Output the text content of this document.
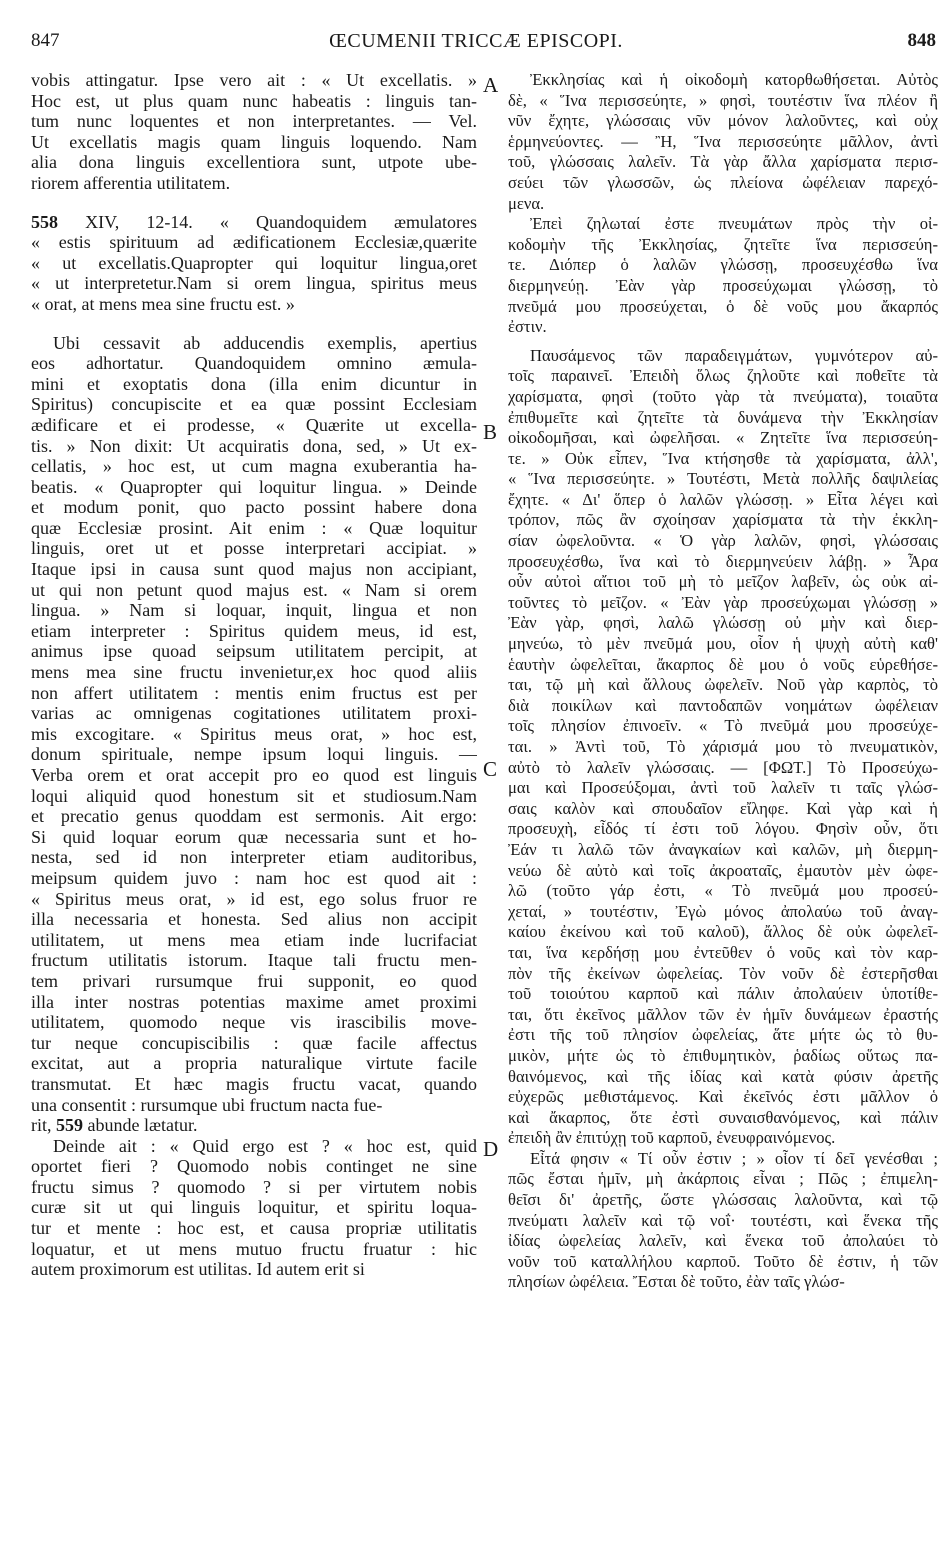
847	ŒCUMENII TRICCÆ EPISCOPI.	848
A
B
C
D
vobis attingatur. Ipse vero ait : « Ut excellatis. »
Hoc est, ut plus quam nunc habeatis : linguis tan-
tum nunc loquentes et non interpretantes. — Vel.
Ut excellatis magis quam linguis loquendo. Nam
alia dona linguis excellentiora sunt, utpote ube-
riorem afferentia utilitatem.
558 XIV, 12-14. « Quandoquidem æmulatores
« estis spirituum ad ædificationem Ecclesiæ,quærite
« ut excellatis.Quapropter qui loquitur lingua,oret
« ut interpretetur.Nam si orem lingua, spiritus meus
« orat, at mens mea sine fructu est. »
Ubi cessavit ab adducendis exemplis, apertius
eos adhortatur. Quandoquidem omnino æmula-
mini et exoptatis dona (illa enim dicuntur in
Spiritus) concupiscite et ea quæ possint Ecclesiam
ædificare et ei prodesse, « Quærite ut excella-
tis. » Non dixit: Ut acquiratis dona, sed, » Ut ex-
cellatis, » hoc est, ut cum magna exuberantia ha-
beatis. « Quapropter qui loquitur lingua. » Deinde
et modum ponit, quo pacto possint habere dona
quæ Ecclesiæ prosint. Ait enim : « Quæ loquitur
linguis, oret ut et posse interpretari accipiat. »
Itaque ipsi in causa sunt quod majus non accipiant,
ut qui non petunt quod majus est. « Nam si orem
lingua. » Nam si loquar, inquit, lingua et non
etiam interpreter : Spiritus quidem meus, id est,
animus ipse quoad seipsum utilitatem percipit, at
mens mea sine fructu invenietur,ex hoc quod aliis
non affert utilitatem : mentis enim fructus est per
varias ac omnigenas cogitationes utilitatem proxi-
mis excogitare. « Spiritus meus orat, » hoc est,
donum spirituale, nempe ipsum loqui linguis. —
Verba orem et orat accepit pro eo quod est linguis
loqui aliquid quod honestum sit et studiosum.Nam
et precatio genus quoddam est sermonis. Ait ergo:
Si quid loquar eorum quæ necessaria sunt et ho-
nesta, sed id non interpreter etiam auditoribus,
meipsum quidem juvo : nam hoc est quod ait :
« Spiritus meus orat, » id est, ego solus fruor re
illa necessaria et honesta. Sed alius non accipit
utilitatem, ut mens mea etiam inde lucrifaciat
fructum utilitatis istorum. Itaque tali fructu men-
tem privari rursumque frui supponit, eo quod
illa inter nostras potentias maxime amet proximi
utilitatem, quomodo neque vis irascibilis move-
tur neque concupiscibilis : quæ facile affectus
excitat, aut a propria naturalique virtute facile
transmutat. Et hæc magis fructu vacat, quando
una consentit : rursumque ubi fructum nacta fue-
rit, 559 abunde lætatur.
Deinde ait : « Quid ergo est ? « hoc est, quid
oportet fieri ? Quomodo nobis continget ne sine
fructu simus ? quomodo ? si per virtutem nobis
curæ sit ut qui linguis loquitur, et spiritu loqua-
tur et mente : hoc est, et causa propriæ utilitatis
loquatur, et ut mens mutuo fructu fruatur : hic
autem proximorum est utilitas. Id autem erit si
Ἐκκλησίας καὶ ἡ οἰκοδομὴ κατορθωθήσεται. Αὐτὸς
δὲ, « Ἵνα περισσεύητε, » φησὶ, τουτέστιν ἵνα πλέον ἢ
νῦν ἔχητε, γλώσσαις νῦν μόνον λαλοῦντες, καὶ οὐχ
ἑρμηνεύοντες. — Ἢ, Ἵνα περισσεύητε μᾶλλον, ἀντὶ
τοῦ, γλώσσαις λαλεῖν. Τὰ γὰρ ἄλλα χαρίσματα περισ-
σεύει τῶν γλωσσῶν, ὡς πλείονα ὠφέλειαν παρεχό-
μενα.
Ἐπεὶ ζηλωταί ἐστε πνευμάτων πρὸς τὴν οἰ-
κοδομὴν τῆς Ἐκκλησίας, ζητεῖτε ἵνα περισσεύη-
τε. Διόπερ ὁ λαλῶν γλώσσῃ, προσευχέσθω ἵνα
διερμηνεύῃ. Ἐὰν γὰρ προσεύχωμαι γλώσσῃ, τὸ
πνεῦμά μου προσεύχεται, ὁ δὲ νοῦς μου ἄκαρπός
ἐστιν.
Παυσάμενος τῶν παραδειγμάτων, γυμνότερον αὐ-
τοῖς παραινεῖ. Ἐπειδὴ ὅλως ζηλοῦτε καὶ ποθεῖτε τὰ
χαρίσματα, φησὶ (τοῦτο γὰρ τὰ πνεύματα), τοιαῦτα
ἐπιθυμεῖτε καὶ ζητεῖτε τὰ δυνάμενα τὴν Ἐκκλησίαν
οἰκοδομῆσαι, καὶ ὠφελῆσαι. « Ζητεῖτε ἵνα περισσεύη-
τε. » Οὐκ εἶπεν, Ἵνα κτήσησθε τὰ χαρίσματα, ἀλλ',
« Ἵνα περισσεύητε. » Τουτέστι, Μετὰ πολλῆς δαψιλείας
ἔχητε. « Δι' ὅπερ ὁ λαλῶν γλώσσῃ. » Εἶτα λέγει καὶ
τρόπον, πῶς ἂν σχοίησαν χαρίσματα τὰ τὴν ἐκκλη-
σίαν ὠφελοῦντα. « Ὁ γὰρ λαλῶν, φησὶ, γλώσσαις
προσευχέσθω, ἵνα καὶ τὸ διερμηνεύειν λάβῃ. » Ἆρα
οὖν αὐτοὶ αἴτιοι τοῦ μὴ τὸ μεῖζον λαβεῖν, ὡς οὐκ αἰ-
τοῦντες τὸ μεῖζον. « Ἐὰν γὰρ προσεύχωμαι γλώσσῃ »
Ἐὰν γὰρ, φησὶ, λαλῶ γλώσσῃ οὐ μὴν καὶ διερ-
μηνεύω, τὸ μὲν πνεῦμά μου, οἷον ἡ ψυχὴ αὐτὴ καθ'
ἑαυτὴν ὠφελεῖται, ἄκαρπος δὲ μου ὁ νοῦς εὑρεθήσε-
ται, τῷ μὴ καὶ ἄλλους ὠφελεῖν. Νοῦ γὰρ καρπὸς, τὸ
διὰ ποικίλων καὶ παντοδαπῶν νοημάτων ὠφέλειαν
τοῖς πλησίον ἐπινοεῖν. « Τὸ πνεῦμά μου προσεύχε-
ται. » Ἀντὶ τοῦ, Τὸ χάρισμά μου τὸ πνευματικὸν,
αὐτὸ τὸ λαλεῖν γλώσσαις. — [ΦΩΤ.] Τὸ Προσεύχω-
μαι καὶ Προσεύξομαι, ἀντὶ τοῦ λαλεῖν τι ταῖς γλώσ-
σαις καλὸν καὶ σπουδαῖον εἴληφε. Καὶ γὰρ καὶ ἡ
προσευχὴ, εἶδός τί ἐστι τοῦ λόγου. Φησὶν οὖν, ὅτι
Ἐάν τι λαλῶ τῶν ἀναγκαίων καὶ καλῶν, μὴ διερμη-
νεύω δὲ αὐτὸ καὶ τοῖς ἀκροαταῖς, ἐμαυτὸν μὲν ὠφε-
λῶ (τοῦτο γάρ ἐστι, « Τὸ πνεῦμά μου προσεύ-
χεταί, » τουτέστιν, Ἐγὼ μόνος ἀπολαύω τοῦ ἀναγ-
καίου ἐκείνου καὶ τοῦ καλοῦ), ἄλλος δὲ οὐκ ὠφελεῖ-
ται, ἵνα κερδήσῃ μου ἐντεῦθεν ὁ νοῦς καὶ τὸν καρ-
πὸν τῆς ἐκείνων ὠφελείας. Τὸν νοῦν δὲ ἐστερῆσθαι
τοῦ τοιούτου καρποῦ καὶ πάλιν ἀπολαύειν ὑποτίθε-
ται, ὅτι ἐκεῖνος μᾶλλον τῶν ἐν ἡμῖν δυνάμεων ἐραστής
ἐστι τῆς τοῦ πλησίον ὠφελείας, ἅτε μήτε ὡς τὸ θυ-
μικὸν, μήτε ὡς τὸ ἐπιθυμητικὸν, ῥαδίως οὕτως πα-
θαινόμενος, καὶ τῆς ἰδίας καὶ κατὰ φύσιν ἀρετῆς
εὐχερῶς μεθιστάμενος. Καὶ ἐκεῖνός ἐστι μᾶλλον ὁ
καὶ ἄκαρπος, ὅτε ἐστὶ συναισθανόμενος, καὶ πάλιν
ἐπειδὴ ἂν ἐπιτύχῃ τοῦ καρποῦ, ἐνευφραινόμενος.
Εἶτά φησιν « Τί οὖν ἐστιν ; » οἷον τί δεῖ γενέσθαι ;
πῶς ἔσται ἡμῖν, μὴ ἀκάρποις εἶναι ; Πῶς ; ἐπιμελη-
θεῖσι δι' ἀρετῆς, ὥστε γλώσσαις λαλοῦντα, καὶ τῷ
πνεύματι λαλεῖν καὶ τῷ νοΐ· τουτέστι, καὶ ἕνεκα τῆς
ἰδίας ὠφελείας λαλεῖν, καὶ ἕνεκα τοῦ ἀπολαύει τὸ
νοῦν τοῦ καταλλήλου καρποῦ. Τοῦτο δὲ ἐστιν, ἡ τῶν
πλησίων ὠφέλεια. Ἔσται δὲ τοῦτο, ἐὰν ταῖς γλώσ-
